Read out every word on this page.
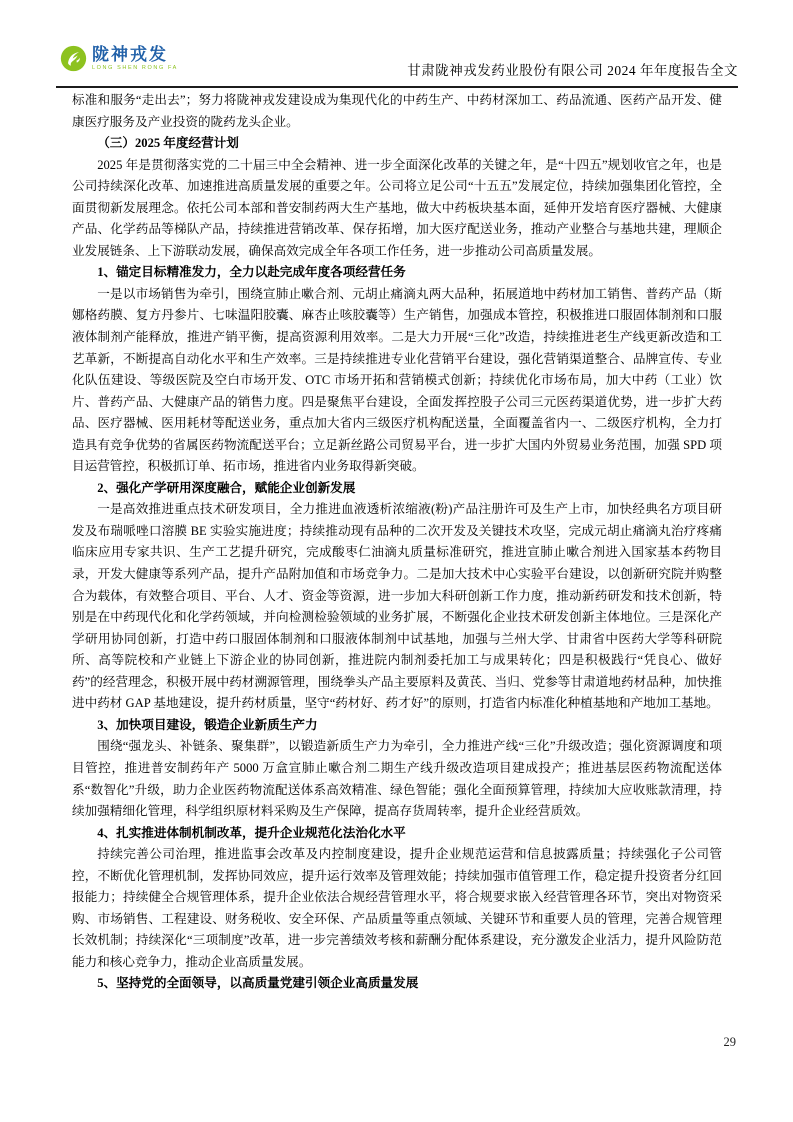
陇神戎发
LONG SHEN RONG FA	甘肃陇神戎发药业股份有限公司 2024 年年度报告全文

标准和服务“走出去”；努力将陇神戎发建设成为集现代化的中药生产、中药材深加工、药品流通、医药产品开发、健康医疗服务及产业投资的陇药龙头企业。

（三）2025 年度经营计划

2025 年是贯彻落实党的二十届三中全会精神、进一步全面深化改革的关键之年，是“十四五”规划收官之年，也是公司持续深化改革、加速推进高质量发展的重要之年。公司将立足公司“十五五”发展定位，持续加强集团化管控，全面贯彻新发展理念。依托公司本部和普安制药两大生产基地，做大中药板块基本面，延伸开发培育医疗器械、大健康产品、化学药品等梯队产品，持续推进营销改革、保存拓增，加大医疗配送业务，推动产业整合与基地共建，理顺企业发展链条、上下游联动发展，确保高效完成全年各项工作任务，进一步推动公司高质量发展。

1、锚定目标精准发力，全力以赴完成年度各项经营任务

一是以市场销售为牵引，围绕宣肺止嗽合剂、元胡止痛滴丸两大品种，拓展道地中药材加工销售、普药产品（斯娜格药膜、复方丹参片、七味温阳胶囊、麻杏止咳胶囊等）生产销售，加强成本管控，积极推进口服固体制剂和口服液体制剂产能释放，推进产销平衡，提高资源利用效率。二是大力开展“三化”改造，持续推进老生产线更新改造和工艺革新，不断提高自动化水平和生产效率。三是持续推进专业化营销平台建设，强化营销渠道整合、品牌宣传、专业化队伍建设、等级医院及空白市场开发、OTC 市场开拓和营销模式创新；持续优化市场布局，加大中药（工业）饮片、普药产品、大健康产品的销售力度。四是聚焦平台建设，全面发挥控股子公司三元医药渠道优势，进一步扩大药品、医疗器械、医用耗材等配送业务，重点加大省内三级医疗机构配送量，全面覆盖省内一、二级医疗机构，全力打造具有竞争优势的省属医药物流配送平台；立足新丝路公司贸易平台，进一步扩大国内外贸易业务范围，加强 SPD 项目运营管控，积极抓订单、拓市场，推进省内业务取得新突破。

2、强化产学研用深度融合，赋能企业创新发展

一是高效推进重点技术研发项目，全力推进血液透析浓缩液(粉)产品注册许可及生产上市，加快经典名方项目研发及布瑞哌唑口溶膜 BE 实验实施进度；持续推动现有品种的二次开发及关键技术攻坚，完成元胡止痛滴丸治疗疼痛临床应用专家共识、生产工艺提升研究，完成酸枣仁油滴丸质量标准研究，推进宣肺止嗽合剂进入国家基本药物目录，开发大健康等系列产品，提升产品附加值和市场竞争力。二是加大技术中心实验平台建设，以创新研究院并购整合为载体，有效整合项目、平台、人才、资金等资源，进一步加大科研创新工作力度，推动新药研发和技术创新，特别是在中药现代化和化学药领域，并向检测检验领域的业务扩展，不断强化企业技术研发创新主体地位。三是深化产学研用协同创新，打造中药口服固体制剂和口服液体制剂中试基地，加强与兰州大学、甘肃省中医药大学等科研院所、高等院校和产业链上下游企业的协同创新，推进院内制剂委托加工与成果转化；四是积极践行“凭良心、做好药”的经营理念，积极开展中药材溯源管理，围绕拳头产品主要原料及黄芪、当归、党参等甘肃道地药材品种，加快推进中药材 GAP 基地建设，提升药材质量，坚守“药材好、药才好”的原则，打造省内标准化种植基地和产地加工基地。

3、加快项目建设，锻造企业新质生产力

围绕“强龙头、补链条、聚集群”，以锻造新质生产力为牵引，全力推进产线“三化”升级改造；强化资源调度和项目管控，推进普安制药年产 5000 万盒宣肺止嗽合剂二期生产线升级改造项目建成投产；推进基层医药物流配送体系“数智化”升级，助力企业医药物流配送体系高效精准、绿色智能；强化全面预算管理，持续加大应收账款清理，持续加强精细化管理，科学组织原材料采购及生产保障，提高存货周转率，提升企业经营质效。

4、扎实推进体制机制改革，提升企业规范化法治化水平

持续完善公司治理，推进监事会改革及内控制度建设，提升企业规范运营和信息披露质量；持续强化子公司管控，不断优化管理机制，发挥协同效应，提升运行效率及管理效能；持续加强市值管理工作，稳定提升投资者分红回报能力；持续健全合规管理体系，提升企业依法合规经营管理水平，将合规要求嵌入经营管理各环节，突出对物资采购、市场销售、工程建设、财务税收、安全环保、产品质量等重点领域、关键环节和重要人员的管理，完善合规管理长效机制；持续深化“三项制度”改革，进一步完善绩效考核和薪酬分配体系建设，充分激发企业活力，提升风险防范能力和核心竞争力，推动企业高质量发展。

5、坚持党的全面领导，以高质量党建引领企业高质量发展

29
